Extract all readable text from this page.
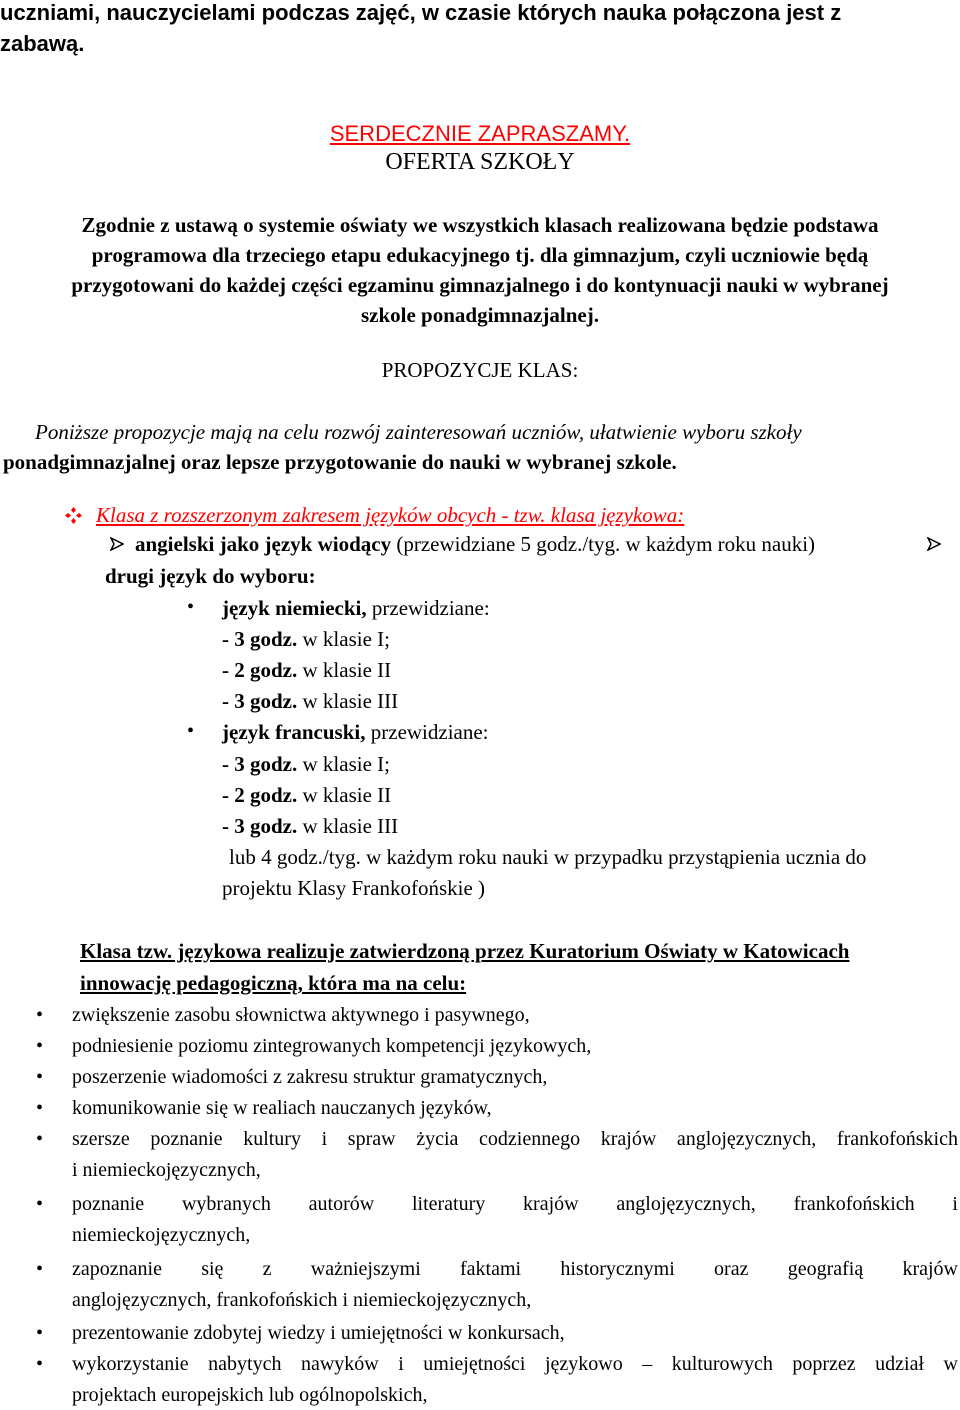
uczniami, nauczycielami podczas zajęć, w czasie których nauka połączona jest z
zabawą.
SERDECZNIE ZAPRASZAMY.
OFERTA SZKOŁY
Zgodnie z ustawą o systemie oświaty we wszystkich klasach realizowana będzie podstawa
programowa dla trzeciego etapu edukacyjnego tj. dla gimnazjum, czyli uczniowie będą
przygotowani do każdej części egzaminu gimnazjalnego i do kontynuacji nauki w wybranej
szkole ponadgimnazjalnej.
PROPOZYCJE KLAS:
Poniższe propozycje mają na celu rozwój zainteresowań uczniów, ułatwienie wyboru szkoły
ponadgimnazjalnej oraz lepsze przygotowanie do nauki w wybranej szkole.
Klasa z rozszerzonym zakresem języków obcych - tzw. klasa językowa:
angielski jako język wiodący (przewidziane 5 godz./tyg. w każdym roku nauki)
drugi język do wyboru:
• język niemiecki, przewidziane:
- 3 godz. w klasie I;
- 2 godz. w klasie II
- 3 godz. w klasie III
• język francuski, przewidziane:
- 3 godz. w klasie I;
- 2 godz. w klasie II
- 3 godz. w klasie III
lub 4 godz./tyg. w każdym roku nauki w przypadku przystąpienia ucznia do
projektu Klasy Frankofońskie )
Klasa tzw. językowa realizuje zatwierdzoną przez Kuratorium Oświaty w Katowicach
innowację pedagogiczną, która ma na celu:
• zwiększenie zasobu słownictwa aktywnego i pasywnego,
• podniesienie poziomu zintegrowanych kompetencji językowych,
• poszerzenie wiadomości z zakresu struktur gramatycznych,
• komunikowanie się w realiach nauczanych języków,
• szersze poznanie kultury i spraw życia codziennego krajów anglojęzycznych, frankofońskich
i niemieckojęzycznych,
• poznanie wybranych autorów literatury krajów anglojęzycznych, frankofońskich i
niemieckojęzycznych,
• zapoznanie się z ważniejszymi faktami historycznymi oraz geografią krajów
anglojęzycznych, frankofońskich i niemieckojęzycznych,
• prezentowanie zdobytej wiedzy i umiejętności w konkursach,
• wykorzystanie nabytych nawyków i umiejętności językowo – kulturowych poprzez udział w
projektach europejskich lub ogólnopolskich,
